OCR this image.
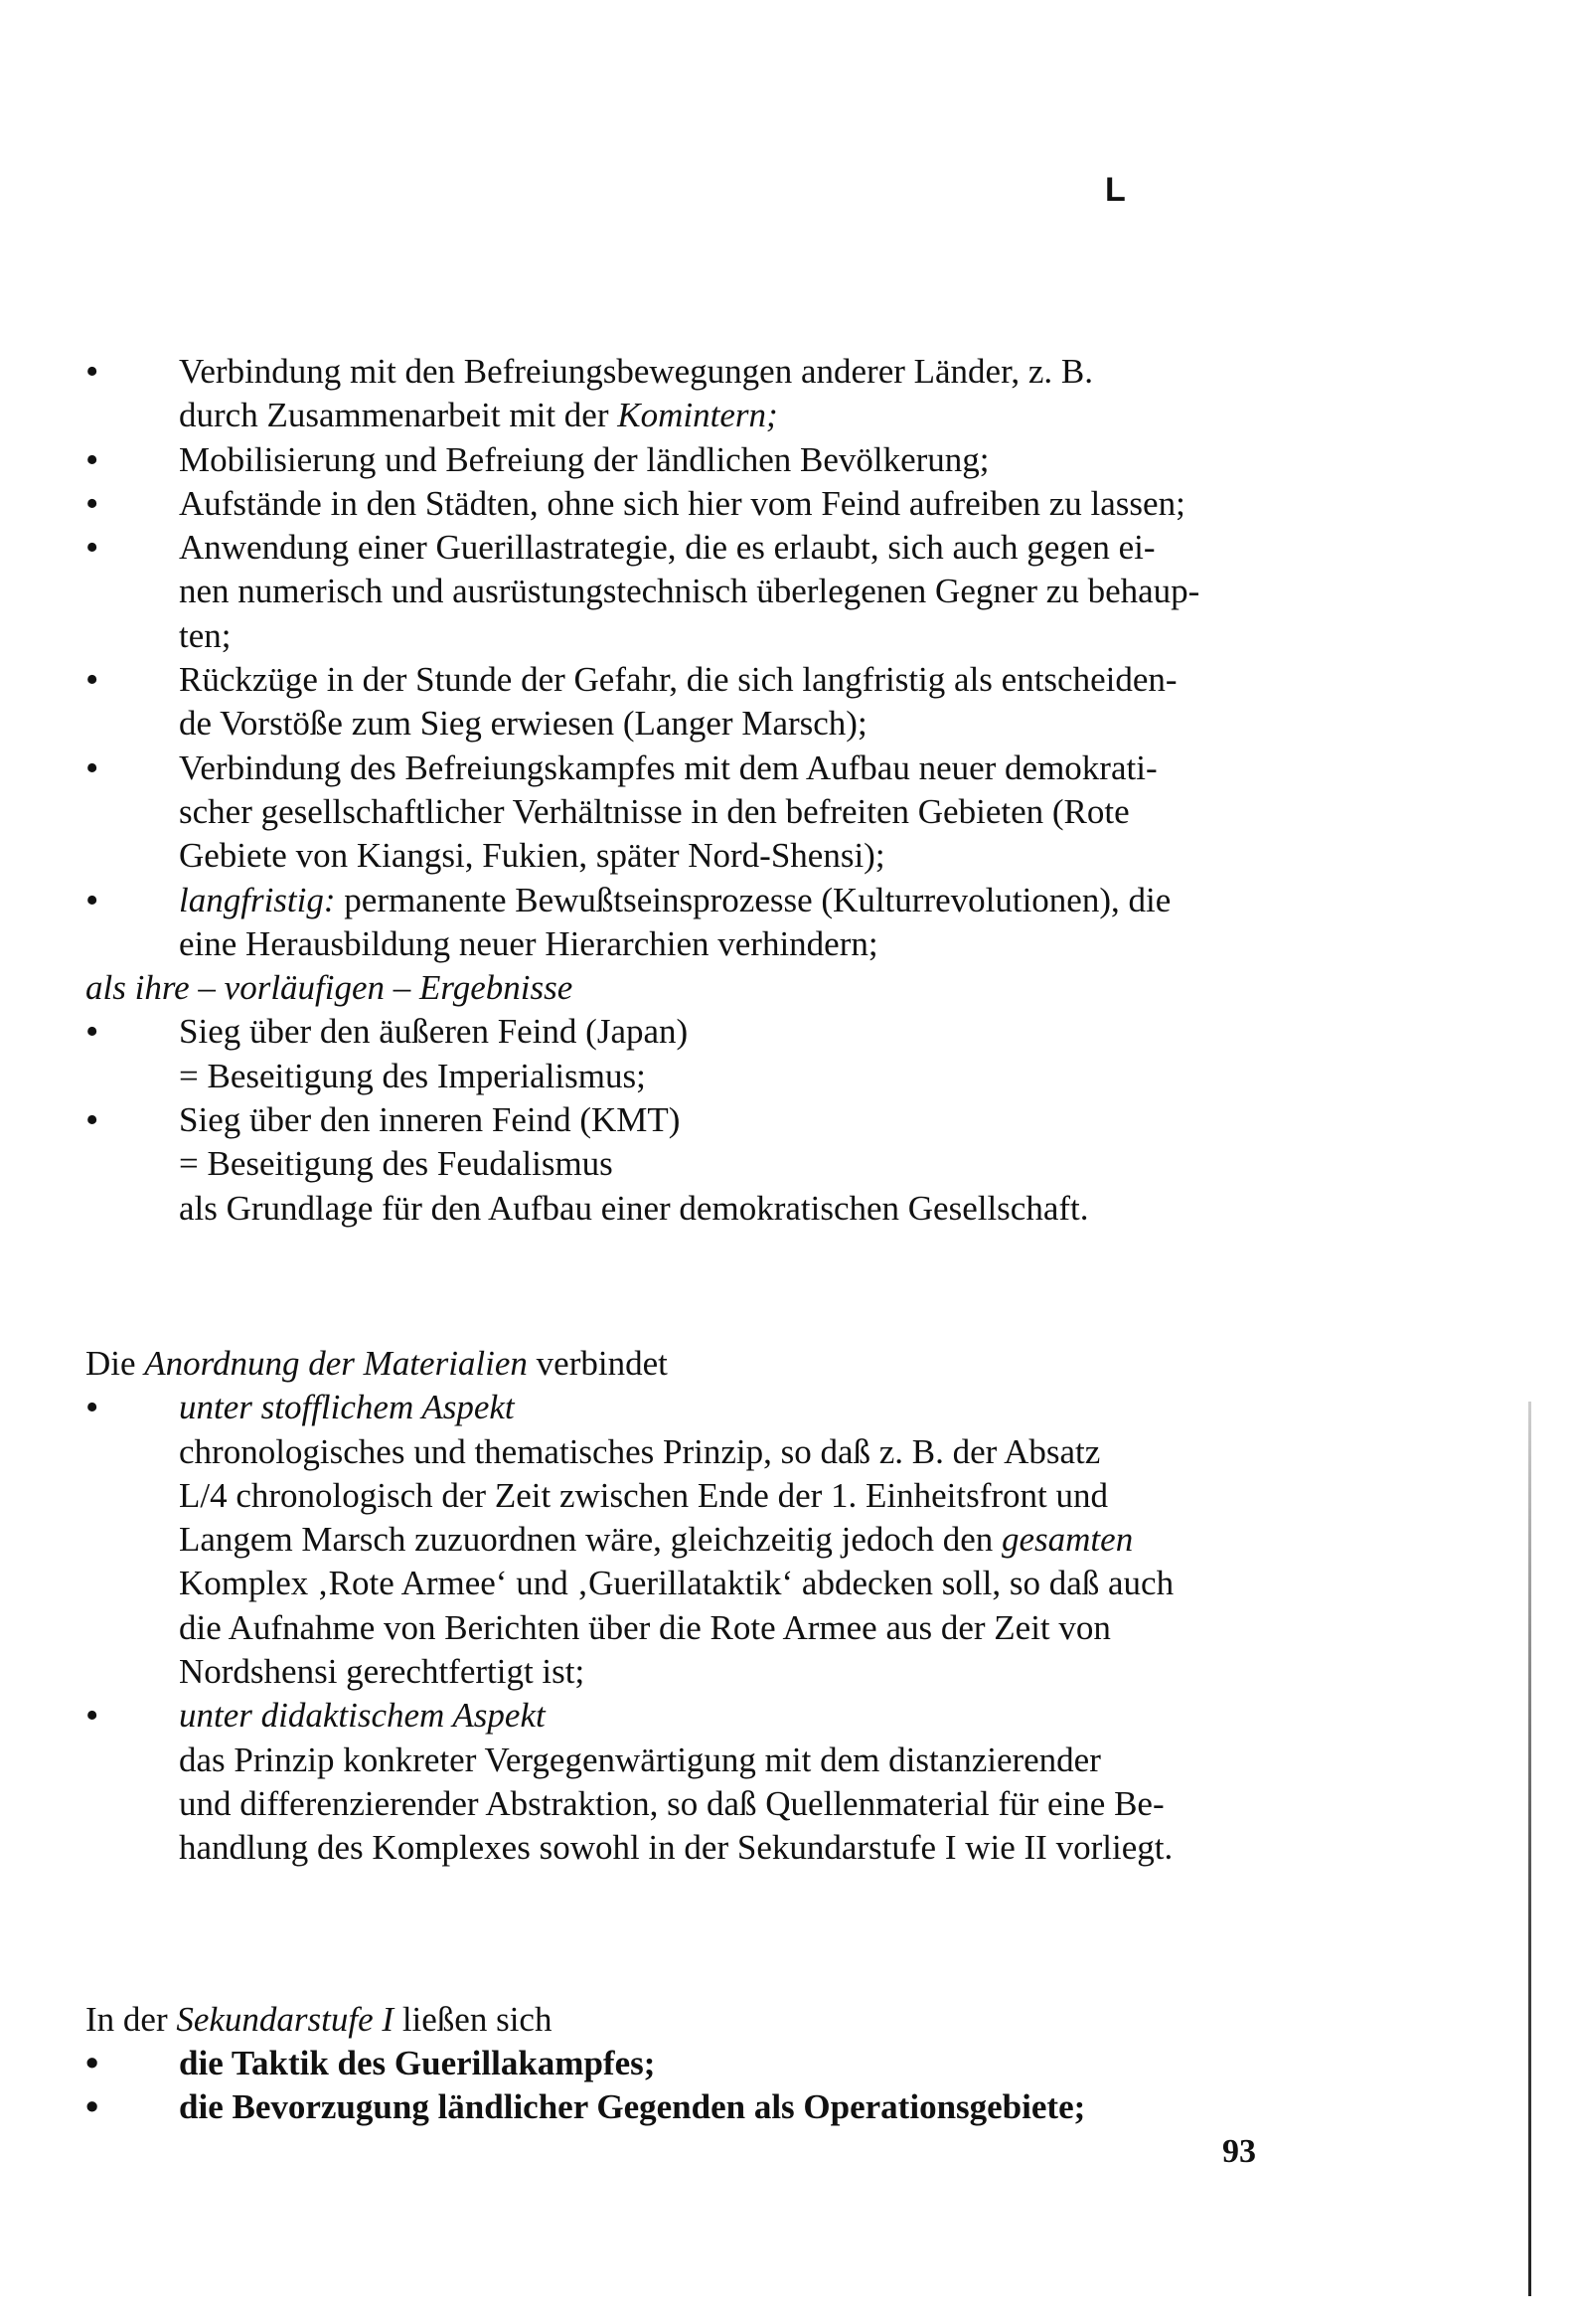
L

• Verbindung mit den Befreiungsbewegungen anderer Länder, z. B.
durch Zusammenarbeit mit der Komintern;

• Mobilisierung und Befreiung der ländlichen Bevölkerung;

• Aufstände in den Städten, ohne sich hier vom Feind aufreiben zu lassen;

• Anwendung einer Guerillastrategie, die es erlaubt, sich auch gegen ei-
nen numerisch und ausrüstungstechnisch überlegenen Gegner zu behaup-
ten;

• Rückzüge in der Stunde der Gefahr, die sich langfristig als entscheiden-
de Vorstöße zum Sieg erwiesen (Langer Marsch);

• Verbindung des Befreiungskampfes mit dem Aufbau neuer demokrati-
scher gesellschaftlicher Verhältnisse in den befreiten Gebieten (Rote
Gebiete von Kiangsi, Fukien, später Nord-Shensi);

• langfristig: permanente Bewußtseinsprozesse (Kulturrevolutionen), die
eine Herausbildung neuer Hierarchien verhindern;

als ihre – vorläufigen – Ergebnisse

• Sieg über den äußeren Feind (Japan)
= Beseitigung des Imperialismus;

• Sieg über den inneren Feind (KMT)
= Beseitigung des Feudalismus
als Grundlage für den Aufbau einer demokratischen Gesellschaft.

Die Anordnung der Materialien verbindet

• unter stofflichem Aspekt

chronologisches und thematisches Prinzip, so daß z. B. der Absatz
L/4 chronologisch der Zeit zwischen Ende der 1. Einheitsfront und
Langem Marsch zuzuordnen wäre, gleichzeitig jedoch den gesamten
Komplex ‚Rote Armee‘ und ‚Guerillataktik‘ abdecken soll, so daß auch
die Aufnahme von Berichten über die Rote Armee aus der Zeit von
Nordshensi gerechtfertigt ist;

• unter didaktischem Aspekt

das Prinzip konkreter Vergegenwärtigung mit dem distanzierender
und differenzierender Abstraktion, so daß Quellenmaterial für eine Be-
handlung des Komplexes sowohl in der Sekundarstufe I wie II vorliegt.

In der Sekundarstufe I ließen sich

• die Taktik des Guerillakampfes;

• die Bevorzugung ländlicher Gegenden als Operationsgebiete;

93
